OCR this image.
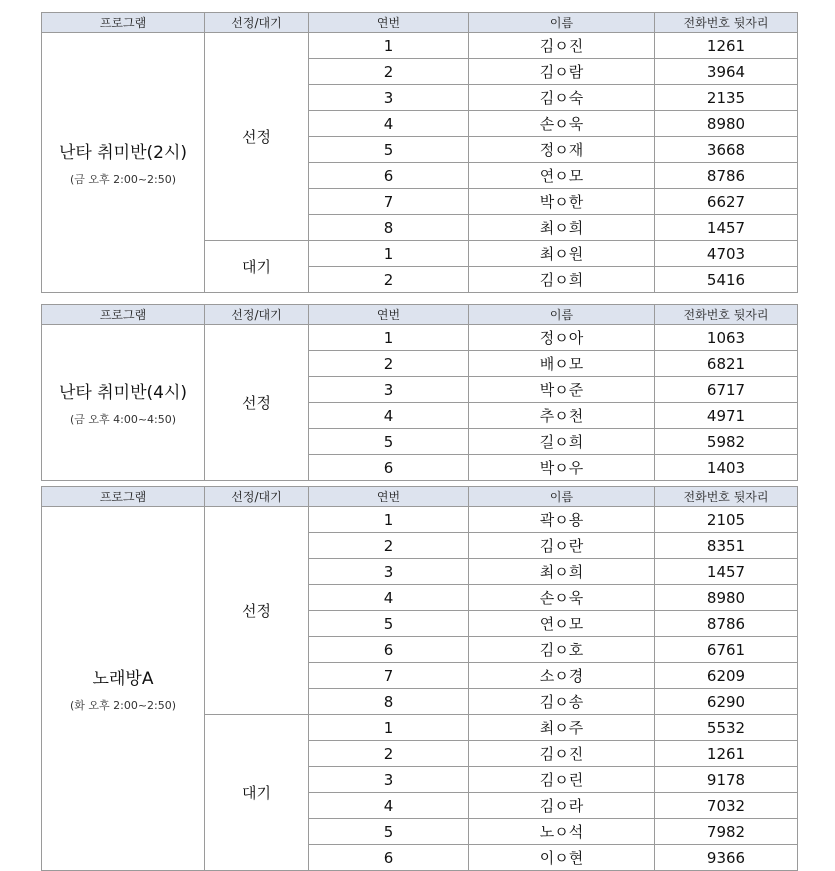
프로그램	선정/대기	연번	이름	전화번호 뒷자리

난타 취미반(2시)
(금 오후 2:00~2:50)	선정	1	김ㅇ진	1261
		2	김ㅇ람	3964
		3	김ㅇ숙	2135
		4	손ㅇ욱	8980
		5	정ㅇ재	3668
		6	연ㅇ모	8786
		7	박ㅇ한	6627
		8	최ㅇ희	1457
	대기	1	최ㅇ원	4703
		2	김ㅇ희	5416
프로그램	선정/대기	연번	이름	전화번호 뒷자리

난타 취미반(4시)
(금 오후 4:00~4:50)	선정	1	정ㅇ아	1063
		2	배ㅇ모	6821
		3	박ㅇ준	6717
		4	추ㅇ천	4971
		5	길ㅇ희	5982
		6	박ㅇ우	1403
프로그램	선정/대기	연번	이름	전화번호 뒷자리

노래방A
(화 오후 2:00~2:50)	선정	1	곽ㅇ용	2105
		2	김ㅇ란	8351
		3	최ㅇ희	1457
		4	손ㅇ욱	8980
		5	연ㅇ모	8786
		6	김ㅇ호	6761
		7	소ㅇ경	6209
		8	김ㅇ송	6290
	대기	1	최ㅇ주	5532
		2	김ㅇ진	1261
		3	김ㅇ린	9178
		4	김ㅇ라	7032
		5	노ㅇ석	7982
		6	이ㅇ현	9366
